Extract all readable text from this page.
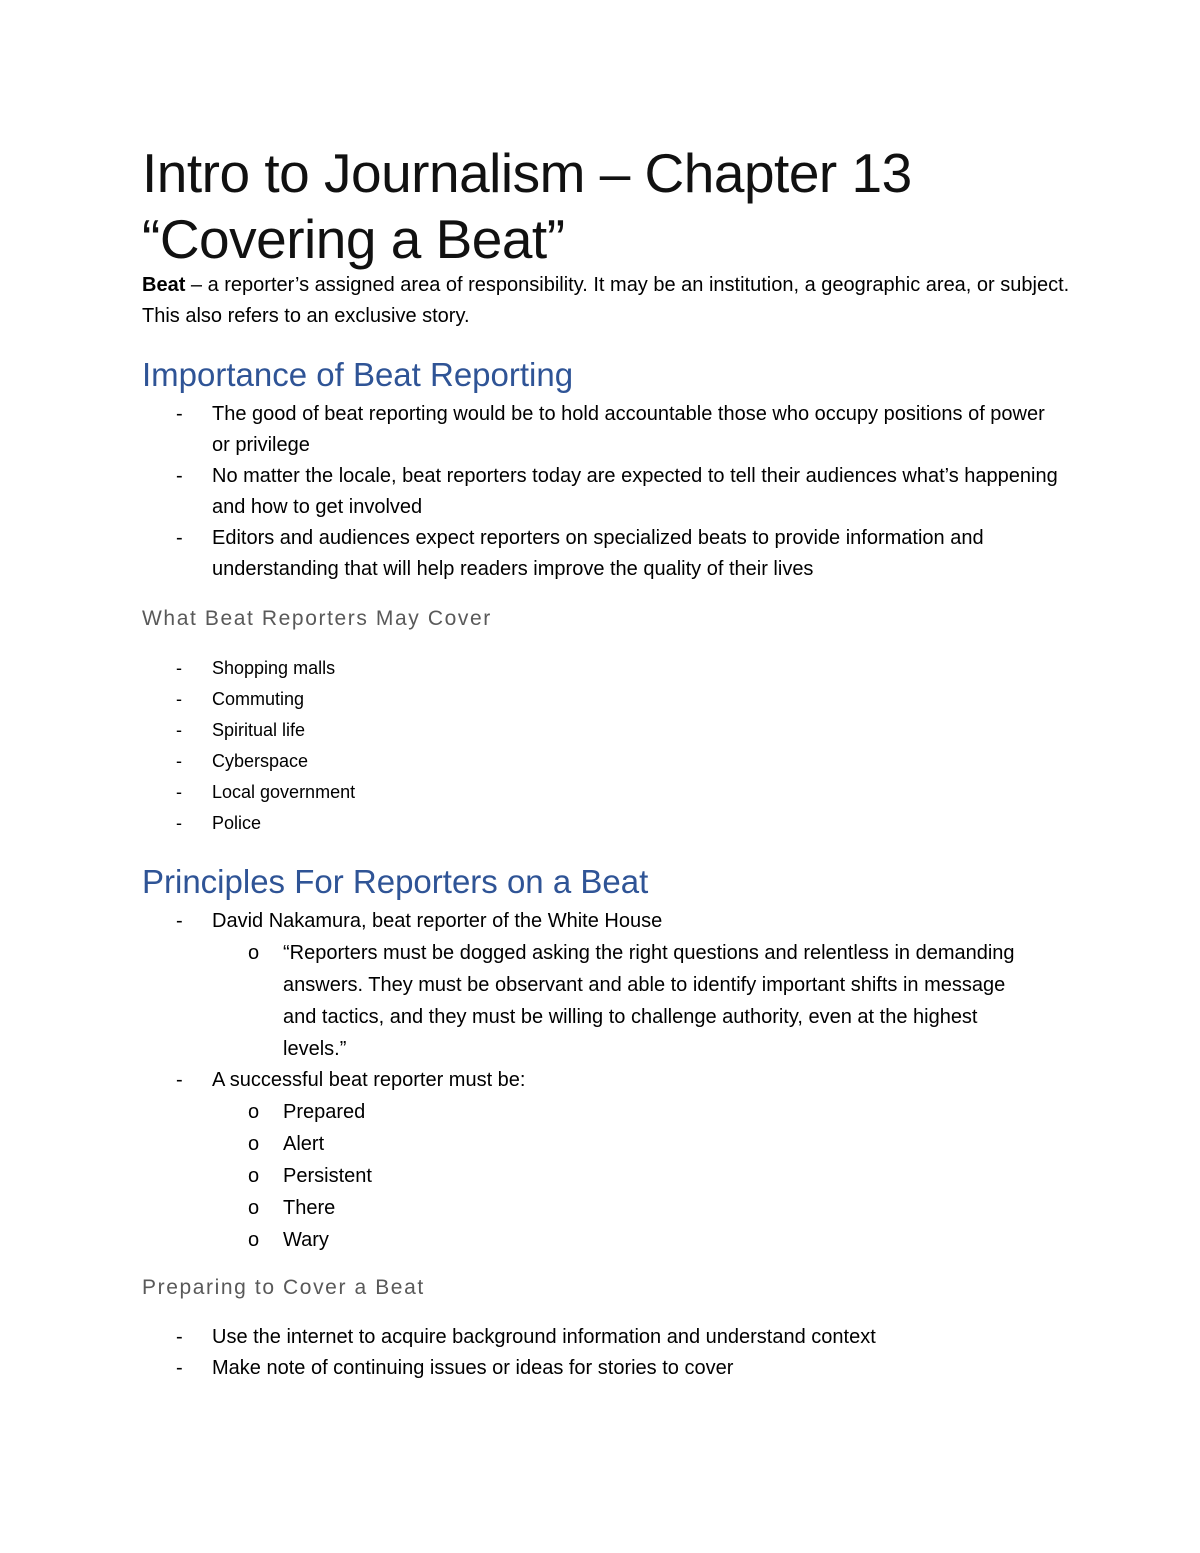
Intro to Journalism – Chapter 13
“Covering a Beat”

Beat – a reporter’s assigned area of responsibility. It may be an institution, a geographic area, or subject. This also refers to an exclusive story.

Importance of Beat Reporting
- The good of beat reporting would be to hold accountable those who occupy positions of power or privilege
- No matter the locale, beat reporters today are expected to tell their audiences what’s happening and how to get involved
- Editors and audiences expect reporters on specialized beats to provide information and understanding that will help readers improve the quality of their lives
What Beat Reporters May Cover
- Shopping malls
- Commuting
- Spiritual life
- Cyberspace
- Local government
- Police
Principles For Reporters on a Beat
- David Nakamura, beat reporter of the White House
o “Reporters must be dogged asking the right questions and relentless in demanding answers. They must be observant and able to identify important shifts in message and tactics, and they must be willing to challenge authority, even at the highest levels.”
- A successful beat reporter must be:
o Prepared
o Alert
o Persistent
o There
o Wary
Preparing to Cover a Beat
- Use the internet to acquire background information and understand context
- Make note of continuing issues or ideas for stories to cover
